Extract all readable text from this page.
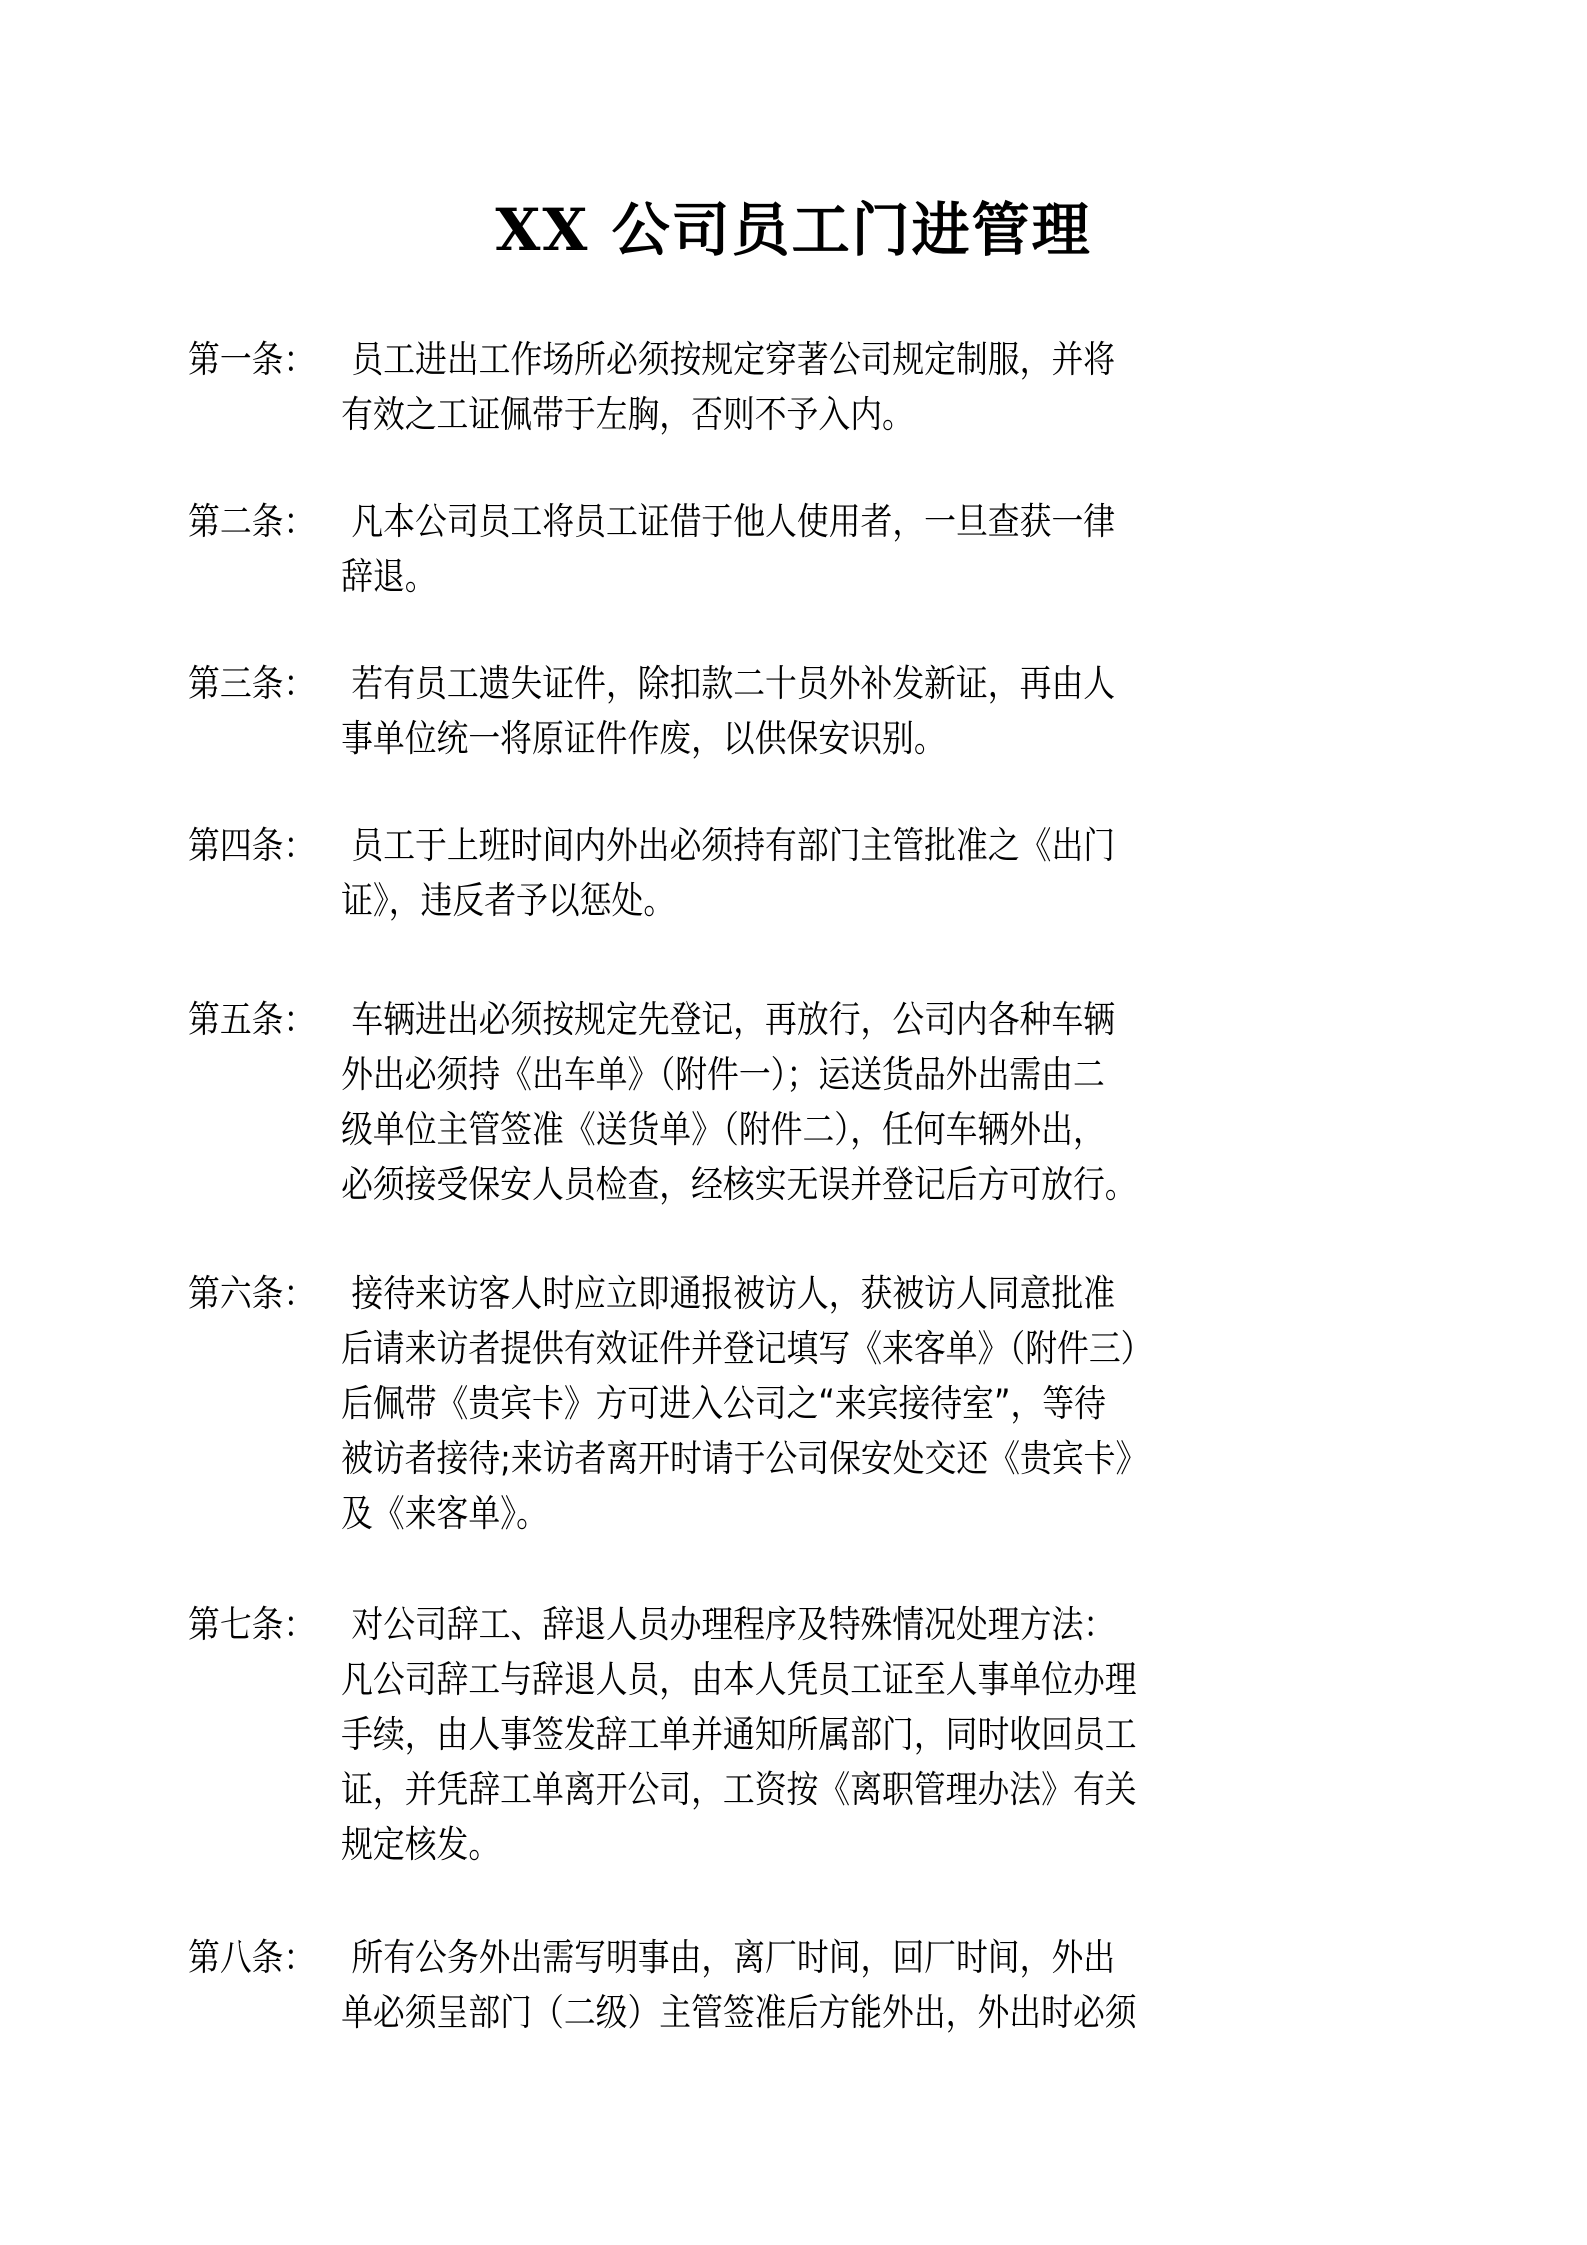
XX 公司员工门进管理
第一条： 员工进出工作场所必须按规定穿著公司规定制服，并将
有效之工证佩带于左胸，否则不予入内。
第二条： 凡本公司员工将员工证借于他人使用者，一旦查获一律
辞退。
第三条： 若有员工遗失证件，除扣款二十员外补发新证，再由人
事单位统一将原证件作废，以供保安识别。
第四条： 员工于上班时间内外出必须持有部门主管批准之《出门
证》，违反者予以惩处。
第五条： 车辆进出必须按规定先登记，再放行，公司内各种车辆
外出必须持《出车单》（附件一）；运送货品外出需由二
级单位主管签准《送货单》（附件二），任何车辆外出，
必须接受保安人员检查，经核实无误并登记后方可放行。
第六条： 接待来访客人时应立即通报被访人，获被访人同意批准
后请来访者提供有效证件并登记填写《来客单》（附件三）
后佩带《贵宾卡》方可进入公司之“来宾接待室”，等待
被访者接待;来访者离开时请于公司保安处交还《贵宾卡》
及《来客单》。
第七条： 对公司辞工、辞退人员办理程序及特殊情况处理方法：
凡公司辞工与辞退人员，由本人凭员工证至人事单位办理
手续，由人事签发辞工单并通知所属部门，同时收回员工
证，并凭辞工单离开公司，工资按《离职管理办法》有关
规定核发。
第八条： 所有公务外出需写明事由，离厂时间，回厂时间，外出
单必须呈部门（二级）主管签准后方能外出，外出时必须
